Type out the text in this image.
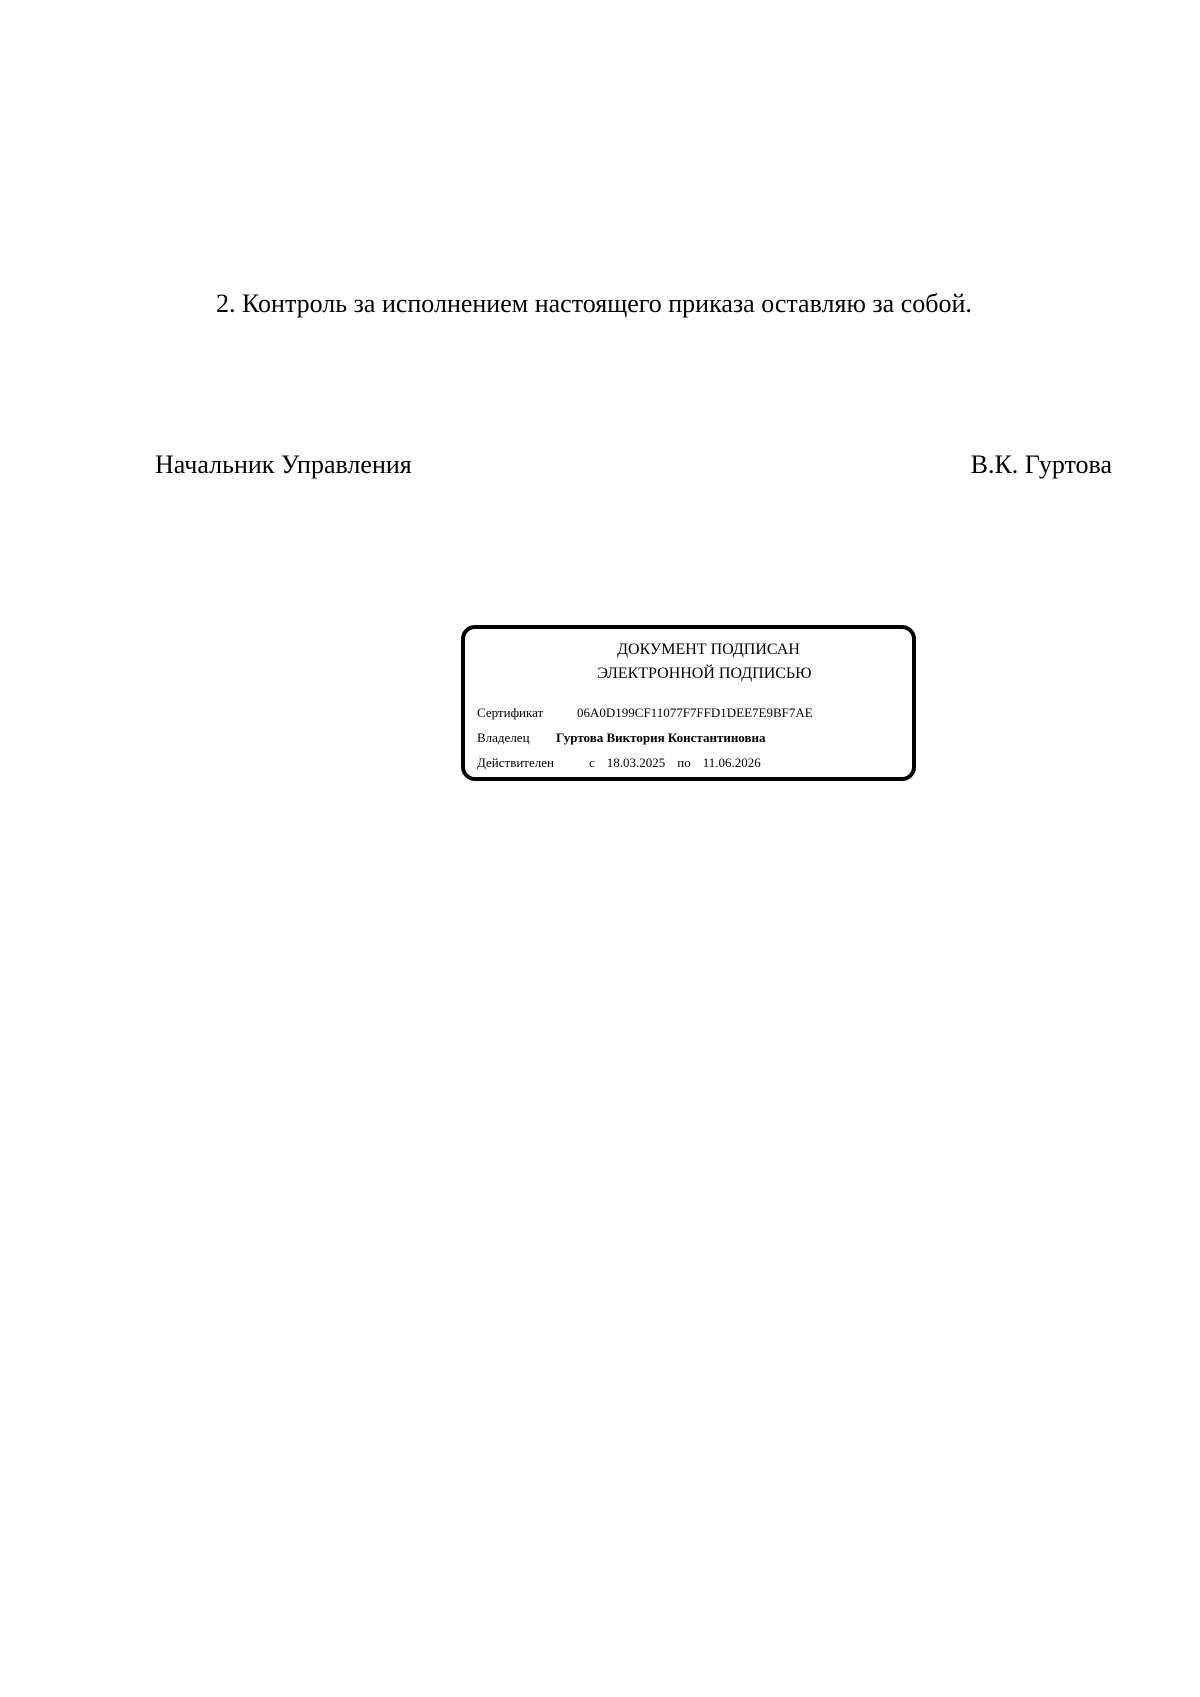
2. Контроль за исполнением настоящего приказа оставляю за собой.
Начальник Управления	В.К. Гуртова
ДОКУМЕНТ ПОДПИСАН
ЭЛЕКТРОННОЙ ПОДПИСЬЮ
Сертификат	06A0D199CF11077F7FFD1DEE7E9BF7AE
Владелец Гуртова Виктория Константиновна
Действителен	с 18.03.2025 по 11.06.2026
